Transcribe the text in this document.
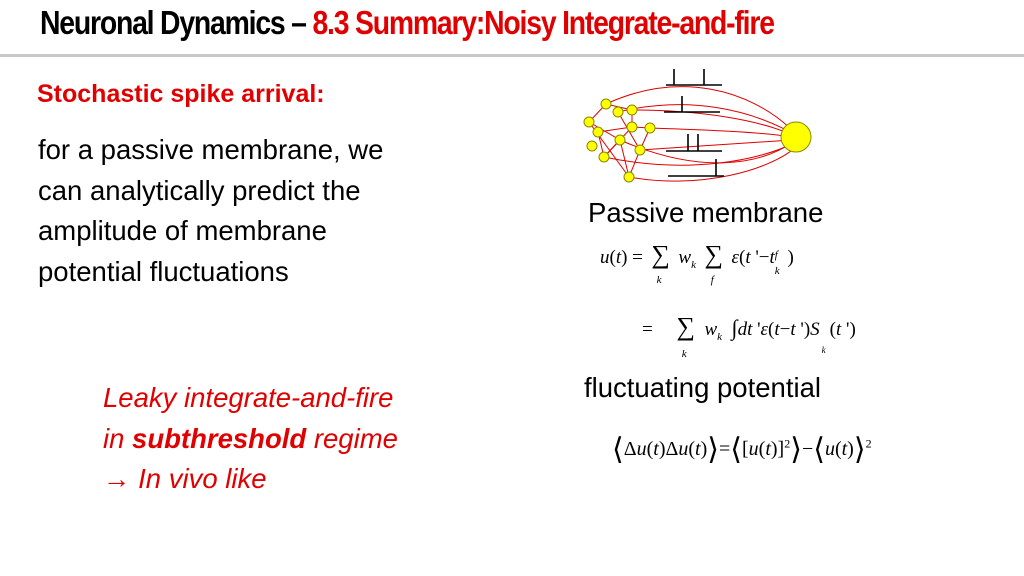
Neuronal Dynamics – 8.3 Summary:Noisy Integrate-and-fire
Stochastic spike arrival:
for a passive membrane, we
can analytically predict the
amplitude of membrane
potential fluctuations
Leaky integrate-and-fire
in subthreshold regime
→ In vivo like
Passive membrane
fluctuating potential
u(t) = ∑
k
$w_k$ ∑
f
ε(t '−t f
k
)
=    ∑
k
$w_k$ ∫dt 'ε(t−t ')S
k
(t ')
$⟨\Delta u(t)\Delta u(t)⟩=⟨[u(t)]^2⟩-⟨u(t)⟩^2$
